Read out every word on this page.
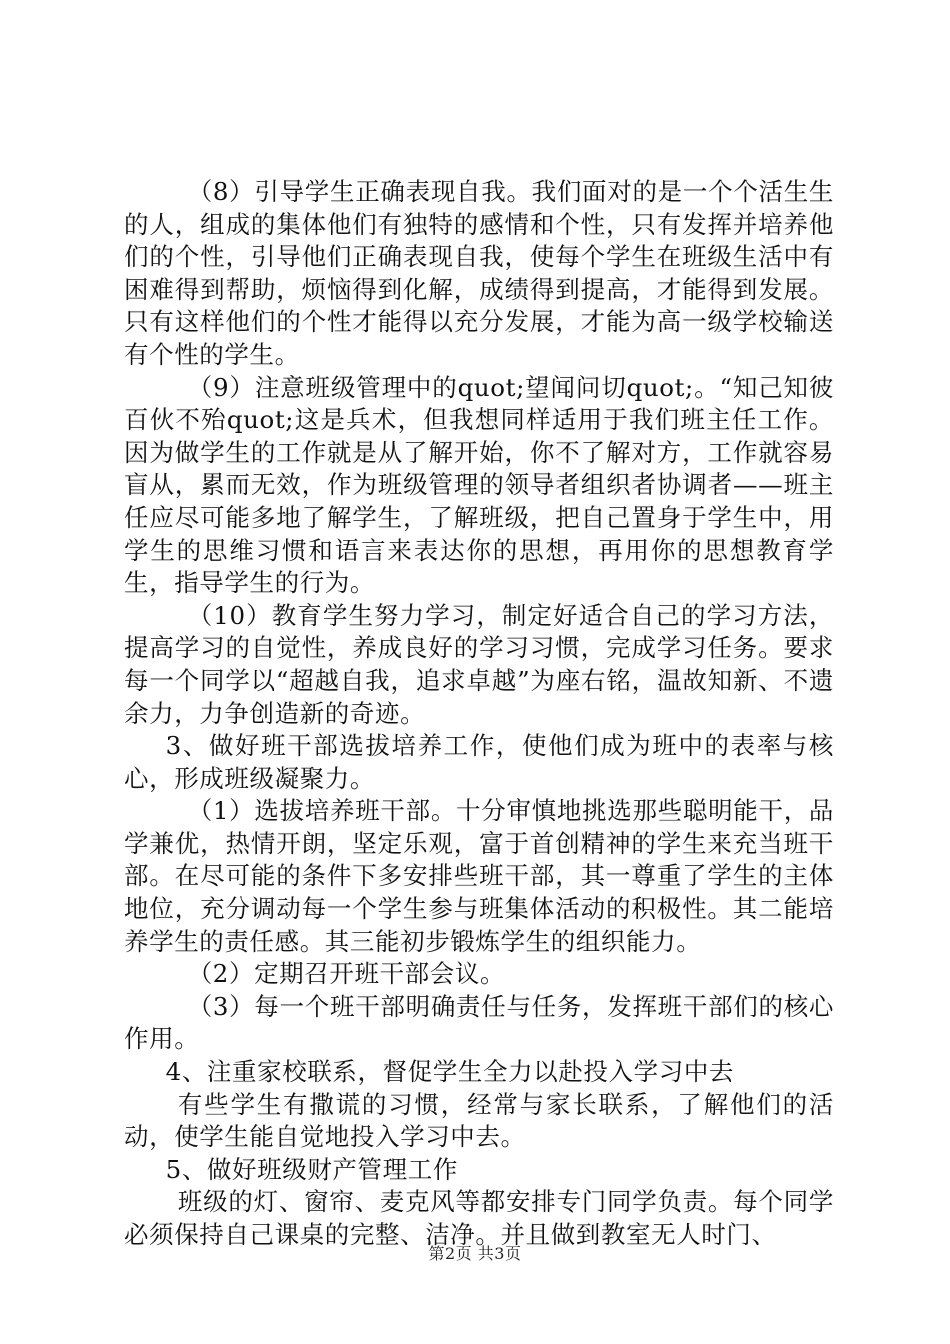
（8）引导学生正确表现自我。我们面对的是一个个活生生的人，组成的集体他们有独特的感情和个性，只有发挥并培养他们的个性，引导他们正确表现自我，使每个学生在班级生活中有困难得到帮助，烦恼得到化解，成绩得到提高，才能得到发展。只有这样他们的个性才能得以充分发展，才能为高一级学校输送有个性的学生。

（9）注意班级管理中的quot;望闻问切quot;。“知己知彼百伙不殆quot;这是兵术，但我想同样适用于我们班主任工作。因为做学生的工作就是从了解开始，你不了解对方，工作就容易盲从，累而无效，作为班级管理的领导者组织者协调者——班主任应尽可能多地了解学生，了解班级，把自己置身于学生中，用学生的思维习惯和语言来表达你的思想，再用你的思想教育学生，指导学生的行为。

（10）教育学生努力学习，制定好适合自己的学习方法，提高学习的自觉性，养成良好的学习习惯，完成学习任务。要求每一个同学以“超越自我，追求卓越”为座右铭，温故知新、不遗余力，力争创造新的奇迹。

3、做好班干部选拔培养工作，使他们成为班中的表率与核心，形成班级凝聚力。

（1）选拔培养班干部。十分审慎地挑选那些聪明能干，品学兼优，热情开朗，坚定乐观，富于首创精神的学生来充当班干部。在尽可能的条件下多安排些班干部，其一尊重了学生的主体地位，充分调动每一个学生参与班集体活动的积极性。其二能培养学生的责任感。其三能初步锻炼学生的组织能力。

（2）定期召开班干部会议。

（3）每一个班干部明确责任与任务，发挥班干部们的核心作用。

4、注重家校联系，督促学生全力以赴投入学习中去

有些学生有撒谎的习惯，经常与家长联系，了解他们的活动，使学生能自觉地投入学习中去。

5、做好班级财产管理工作

班级的灯、窗帘、麦克风等都安排专门同学负责。每个同学必须保持自己课桌的完整、洁净。并且做到教室无人时门、

第2页 共3页
